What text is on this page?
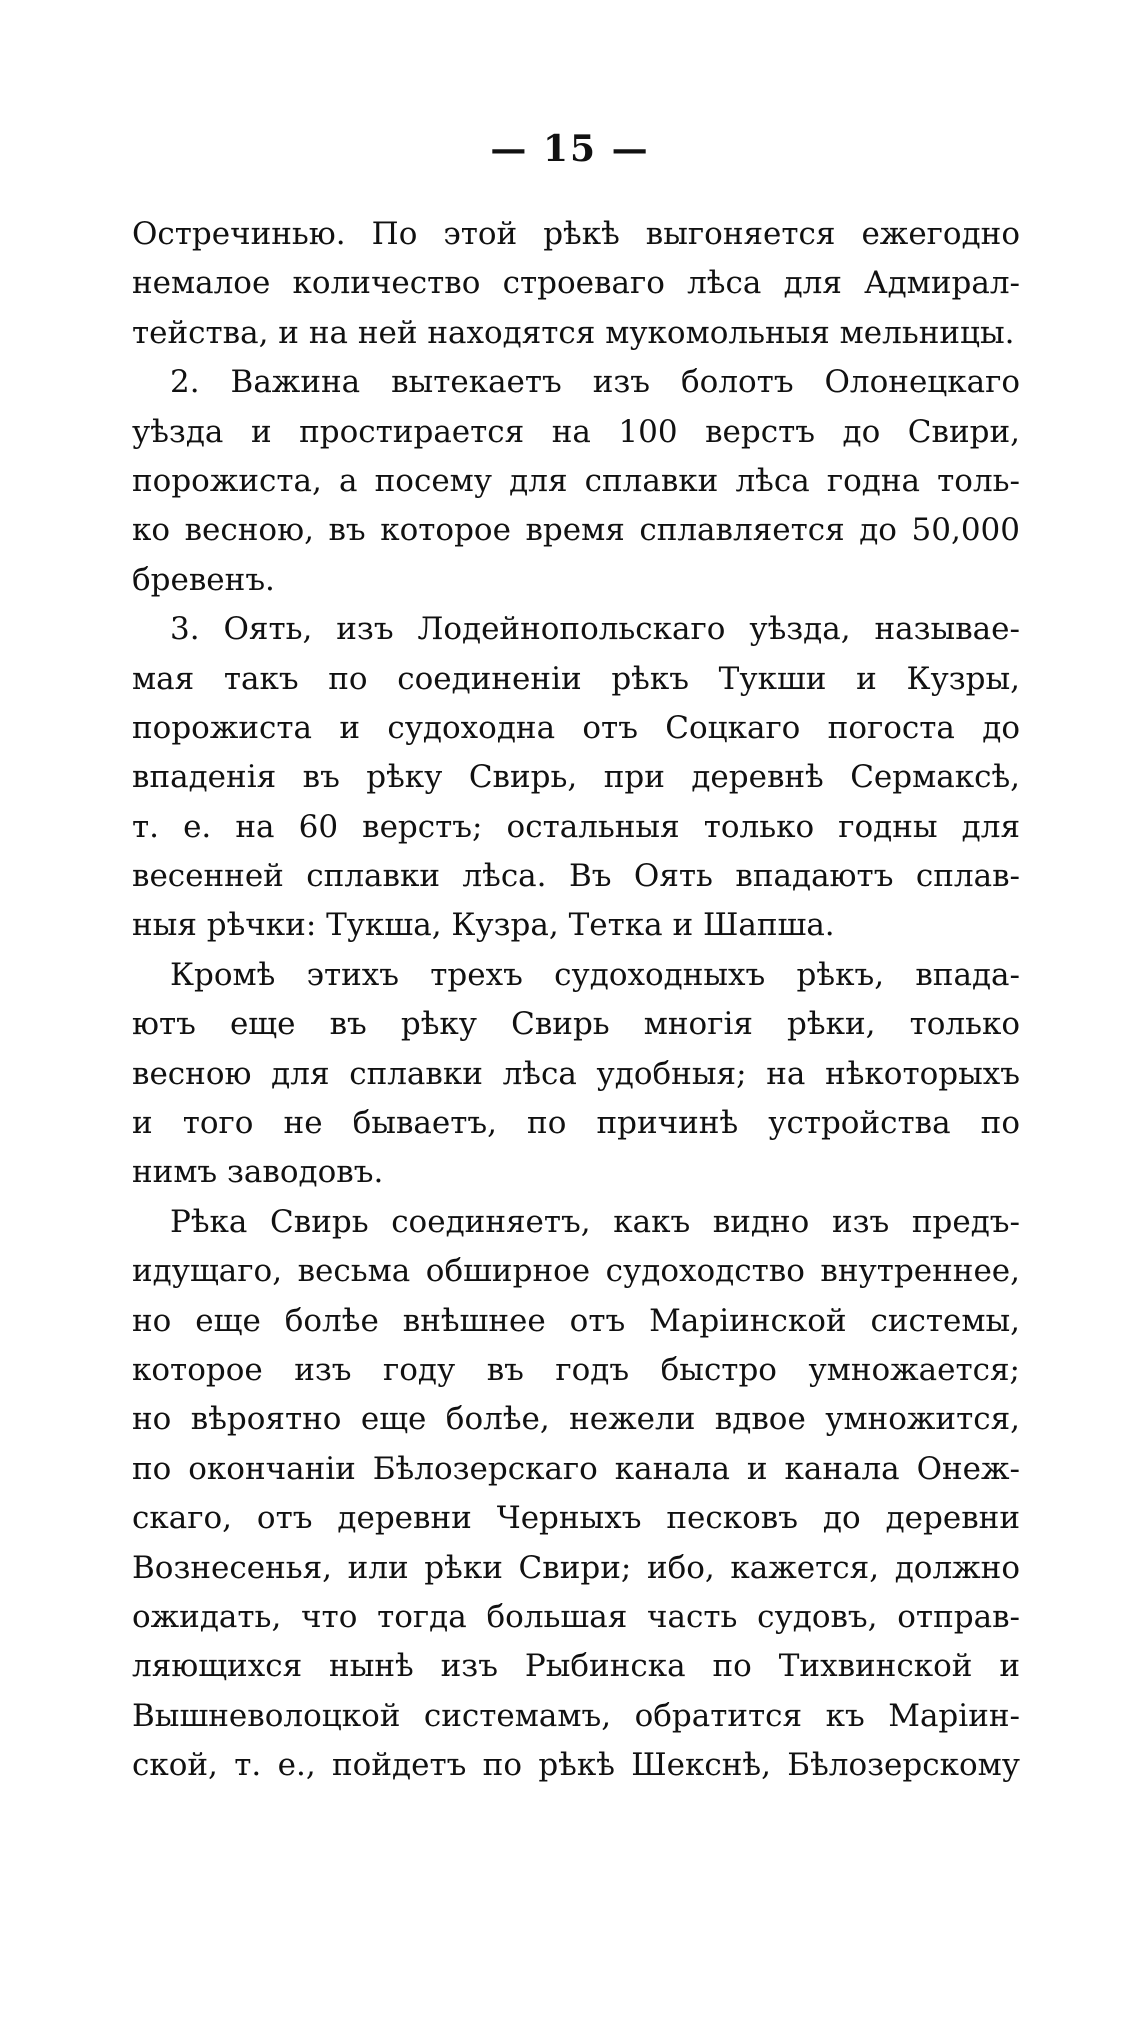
— 15 —
Остречинью. По этой рѣкѣ выгоняется ежегодно
немалое количество строеваго лѣса для Адмирал-
тейства, и на ней находятся мукомольныя мельницы.
2. Важина вытекаетъ изъ болотъ Олонецкаго
уѣзда и простирается на 100 верстъ до Свири,
порожиста, а посему для сплавки лѣса годна толь-
ко весною, въ которое время сплавляется до 50,000
бревенъ.
3. Оять, изъ Лодейнопольскаго уѣзда, называе-
мая такъ по соединенiи рѣкъ Тукши и Кузры,
порожиста и судоходна отъ Соцкаго погоста до
впаденiя въ рѣку Свирь, при деревнѣ Сермаксѣ,
т. е. на 60 верстъ; остальныя только годны для
весенней сплавки лѣса. Въ Оять впадаютъ сплав-
ныя рѣчки: Тукша, Кузра, Тетка и Шапша.
Кромѣ этихъ трехъ судоходныхъ рѣкъ, впада-
ютъ еще въ рѣку Свирь многiя рѣки, только
весною для сплавки лѣса удобныя; на нѣкоторыхъ
и того не бываетъ, по причинѣ устройства по
нимъ заводовъ.
Рѣка Свирь соединяетъ, какъ видно изъ предъ-
идущаго, весьма обширное судоходство внутреннее,
но еще болѣе внѣшнее отъ Марiинской системы,
которое изъ году въ годъ быстро умножается;
но вѣроятно еще болѣе, нежели вдвое умножится,
по окончанiи Бѣлозерскаго канала и канала Онеж-
скаго, отъ деревни Черныхъ песковъ до деревни
Вознесенья, или рѣки Свири; ибо, кажется, должно
ожидать, что тогда большая часть судовъ, отправ-
ляющихся нынѣ изъ Рыбинска по Тихвинской и
Вышневолоцкой системамъ, обратится къ Марiин-
ской, т. е., пойдетъ по рѣкѣ Шекснѣ, Бѣлозерскому
